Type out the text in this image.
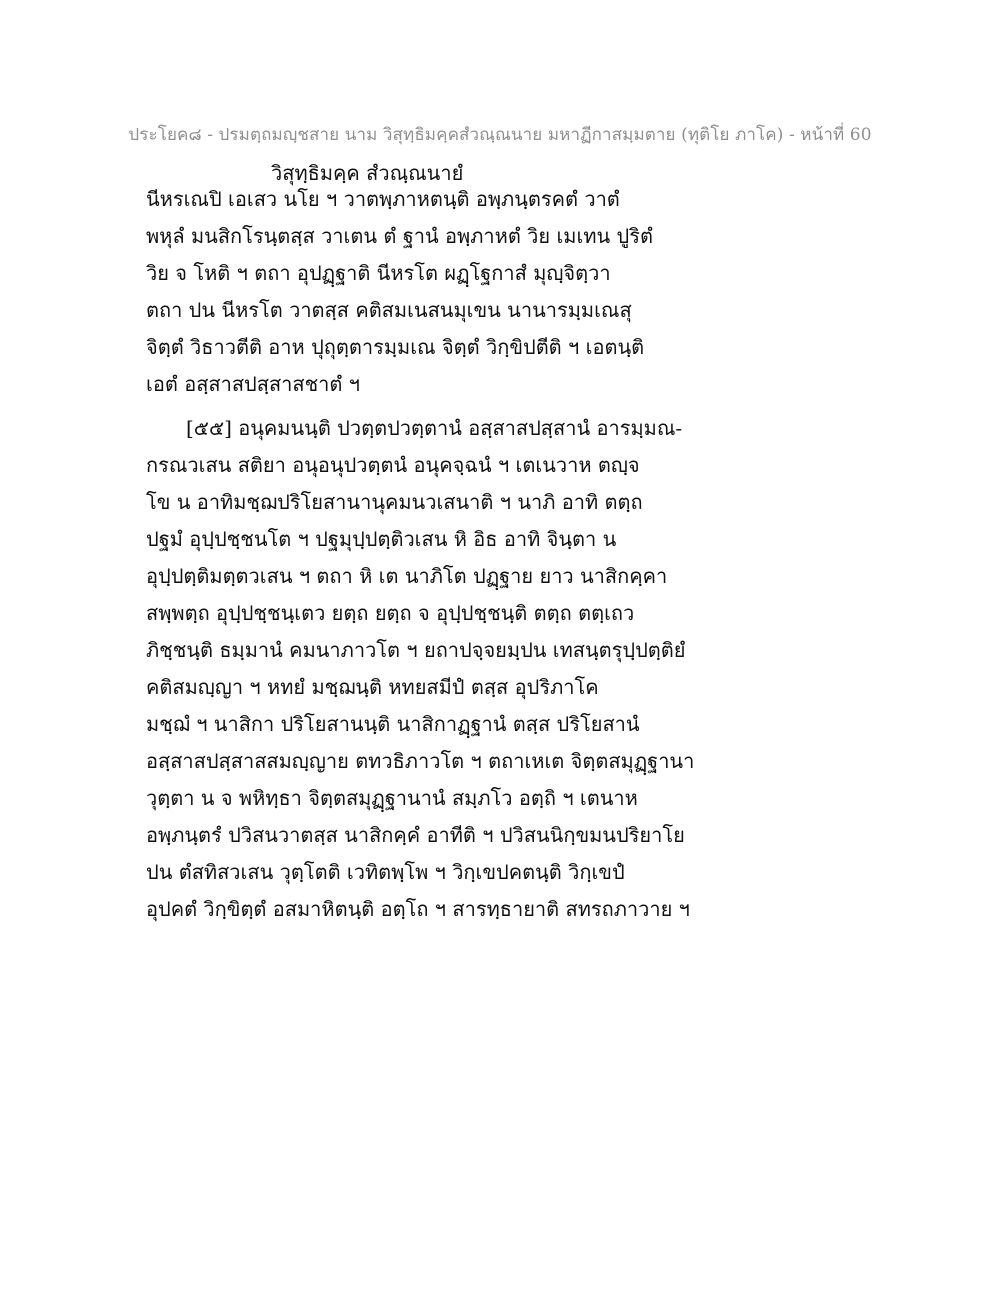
ประโยค๘ - ปรมตฺถมญฺชสาย นาม วิสุทฺธิมคฺคสํวณฺณนาย มหาฏีกาสมฺมตาย (ทุติโย ภาโค) - หน้าที่ 60
วิสุทฺธิมคฺค สํวณฺณนายํ
นีหรเณปิ เอเสว นโย ฯ วาตพฺภาหตนฺติ อพฺภนฺตรคตํ วาตํ
พหุลํ มนสิกโรนฺตสฺส วาเตน ตํ ฐานํ อพฺภาหตํ วิย เมเทน ปูริตํ
วิย จ โหติ ฯ ตถา อุปฏฺฐาติ นีหรโต ผฏฺโฐกาสํ มุญฺจิตฺวา
ตถา ปน นีหรโต วาตสฺส คติสมเนสนมุเขน นานารมฺมเณสุ
จิตฺตํ วิธาวตีติ อาห ปุถุตฺตารมฺมเณ จิตฺตํ วิกฺขิปตีติ ฯ เอตนฺติ
เอตํ อสฺสาสปสฺสาสชาตํ ฯ
[๕๕] อนุคมนนฺติ ปวตฺตปวตฺตานํ อสฺสาสปสฺสานํ อารมฺมณ-
กรณวเสน สติยา อนุอนุปวตฺตนํ อนุคจฺฉนํ ฯ เตเนวาห ตญฺจ
โข น อาทิมชฺฌปริโยสานานุคมนวเสนาติ ฯ นาภิ อาทิ ตตฺถ
ปฐมํ อุปฺปชฺชนโต ฯ ปฐมุปฺปตฺติวเสน หิ อิธ อาทิ จินฺตา น
อุปฺปตฺติมตฺตวเสน ฯ ตถา หิ เต นาภิโต ปฏฺฐาย ยาว นาสิกคฺคา
สพฺพตฺถ อุปฺปชฺชนฺเตว ยตฺถ ยตฺถ จ อุปฺปชฺชนฺติ ตตฺถ ตตฺเถว
ภิชฺชนฺติ ธมฺมานํ คมนาภาวโต ฯ ยถาปจฺจยมฺปน เทสนฺตรุปฺปตฺติยํ
คติสมญฺญา ฯ หทยํ มชฺฌนฺติ หทยสมีปํ ตสฺส อุปริภาโค
มชฺฌํ ฯ นาสิกา ปริโยสานนฺติ นาสิกาฏฺฐานํ ตสฺส ปริโยสานํ
อสฺสาสปสฺสาสสมญฺญาย ตทวธิภาวโต ฯ ตถาเหเต จิตฺตสมุฏฺฐานา
วุตฺตา น จ พหิทฺธา จิตฺตสมุฏฺฐานานํ สมฺภโว อตฺถิ ฯ เตนาห
อพฺภนฺตรํ ปวิสนวาตสฺส นาสิกคฺคํ อาทีติ ฯ ปวิสนนิกฺขมนปริยาโย
ปน ตํสทิสวเสน วุตฺโตติ เวทิตพฺโพ ฯ วิกฺเขปคตนฺติ วิกฺเขปํ
อุปคตํ วิกฺขิตฺตํ อสมาหิตนฺติ อตฺโถ ฯ สารทฺธายาติ สทรถภาวาย ฯ
